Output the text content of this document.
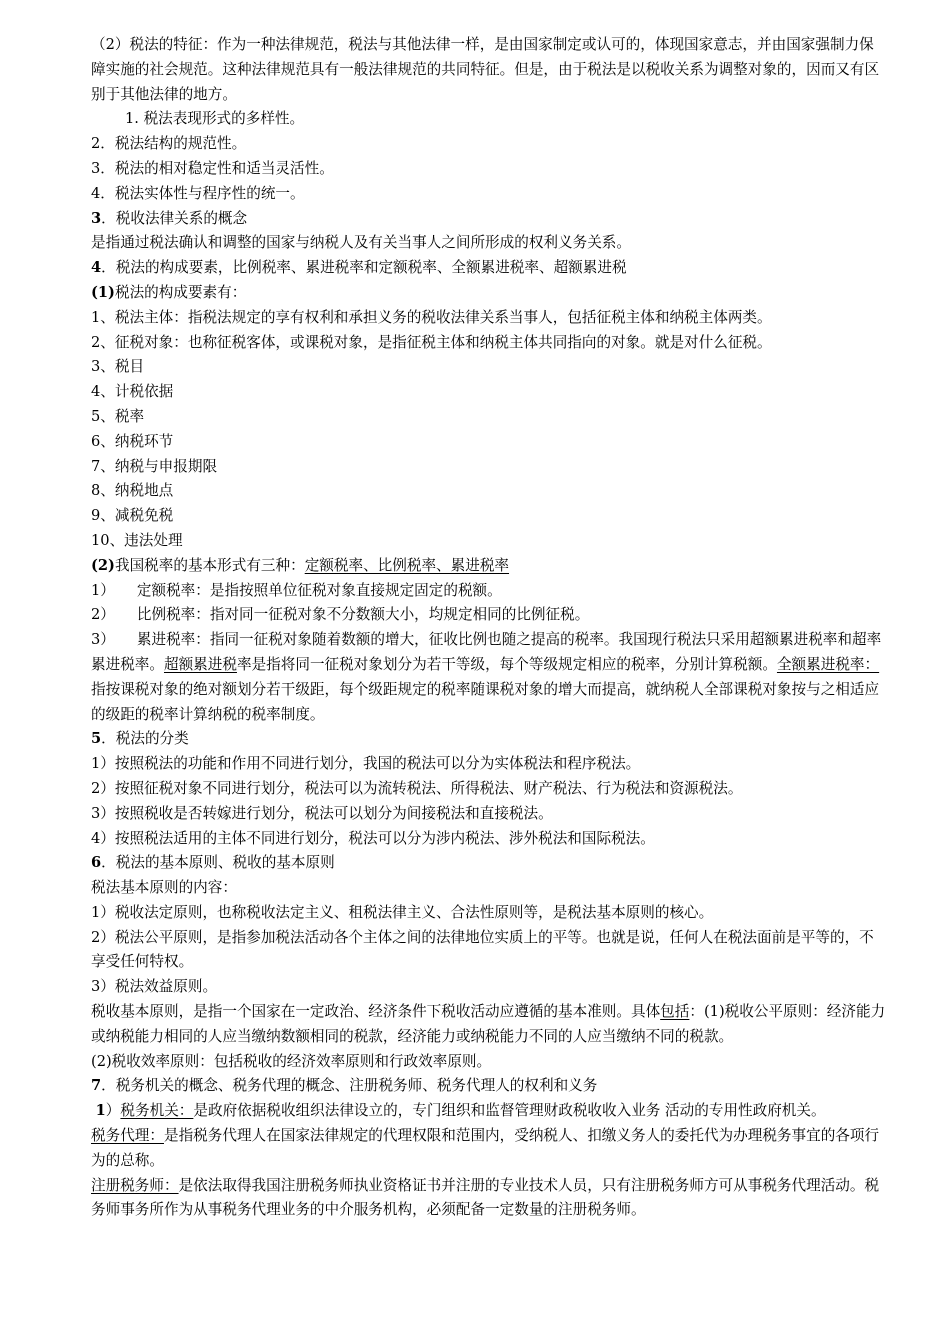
（2）税法的特征：作为一种法律规范，税法与其他法律一样，是由国家制定或认可的，体现国家意志，并由国家强制力保障实施的社会规范。这种法律规范具有一般法律规范的共同特征。但是，由于税法是以税收关系为调整对象的，因而又有区别于其他法律的地方。

1. 税法表现形式的多样性。

2．税法结构的规范性。

3．税法的相对稳定性和适当灵活性。

4．税法实体性与程序性的统一。

3．税收法律关系的概念

是指通过税法确认和调整的国家与纳税人及有关当事人之间所形成的权利义务关系。

4．税法的构成要素，比例税率、累进税率和定额税率、全额累进税率、超额累进税

(1)税法的构成要素有：

1、税法主体：指税法规定的享有权利和承担义务的税收法律关系当事人，包括征税主体和纳税主体两类。

2、征税对象：也称征税客体，或课税对象，是指征税主体和纳税主体共同指向的对象。就是对什么征税。

3、税目

4、计税依据

5、税率

6、纳税环节

7、纳税与申报期限

8、纳税地点

9、减税免税

10、违法处理

(2)我国税率的基本形式有三种：定额税率、比例税率、累进税率

1） 定额税率：是指按照单位征税对象直接规定固定的税额。

2） 比例税率：指对同一征税对象不分数额大小，均规定相同的比例征税。

3） 累进税率：指同一征税对象随着数额的增大，征收比例也随之提高的税率。我国现行税法只采用超额累进税率和超率累进税率。超额累进税率是指将同一征税对象划分为若干等级，每个等级规定相应的税率，分别计算税额。全额累进税率：指按课税对象的绝对额划分若干级距，每个级距规定的税率随课税对象的增大而提高，就纳税人全部课税对象按与之相适应的级距的税率计算纳税的税率制度。

5．税法的分类

1）按照税法的功能和作用不同进行划分，我国的税法可以分为实体税法和程序税法。

2）按照征税对象不同进行划分，税法可以为流转税法、所得税法、财产税法、行为税法和资源税法。

3）按照税收是否转嫁进行划分，税法可以划分为间接税法和直接税法。

4）按照税法适用的主体不同进行划分，税法可以分为涉内税法、涉外税法和国际税法。

6．税法的基本原则、税收的基本原则

税法基本原则的内容：

1）税收法定原则，也称税收法定主义、租税法律主义、合法性原则等，是税法基本原则的核心。

2）税法公平原则，是指参加税法活动各个主体之间的法律地位实质上的平等。也就是说，任何人在税法面前是平等的，不享受任何特权。

3）税法效益原则。

税收基本原则，是指一个国家在一定政治、经济条件下税收活动应遵循的基本准则。具体包括：(1)税收公平原则：经济能力或纳税能力相同的人应当缴纳数额相同的税款，经济能力或纳税能力不同的人应当缴纳不同的税款。

(2)税收效率原则：包括税收的经济效率原则和行政效率原则。

7．税务机关的概念、税务代理的概念、注册税务师、税务代理人的权利和义务

1）税务机关：是政府依据税收组织法律设立的，专门组织和监督管理财政税收收入业务 活动的专用性政府机关。

税务代理：是指税务代理人在国家法律规定的代理权限和范围内，受纳税人、扣缴义务人的委托代为办理税务事宜的各项行为的总称。

注册税务师：是依法取得我国注册税务师执业资格证书并注册的专业技术人员，只有注册税务师方可从事税务代理活动。税务师事务所作为从事税务代理业务的中介服务机构，必须配备一定数量的注册税务师。
